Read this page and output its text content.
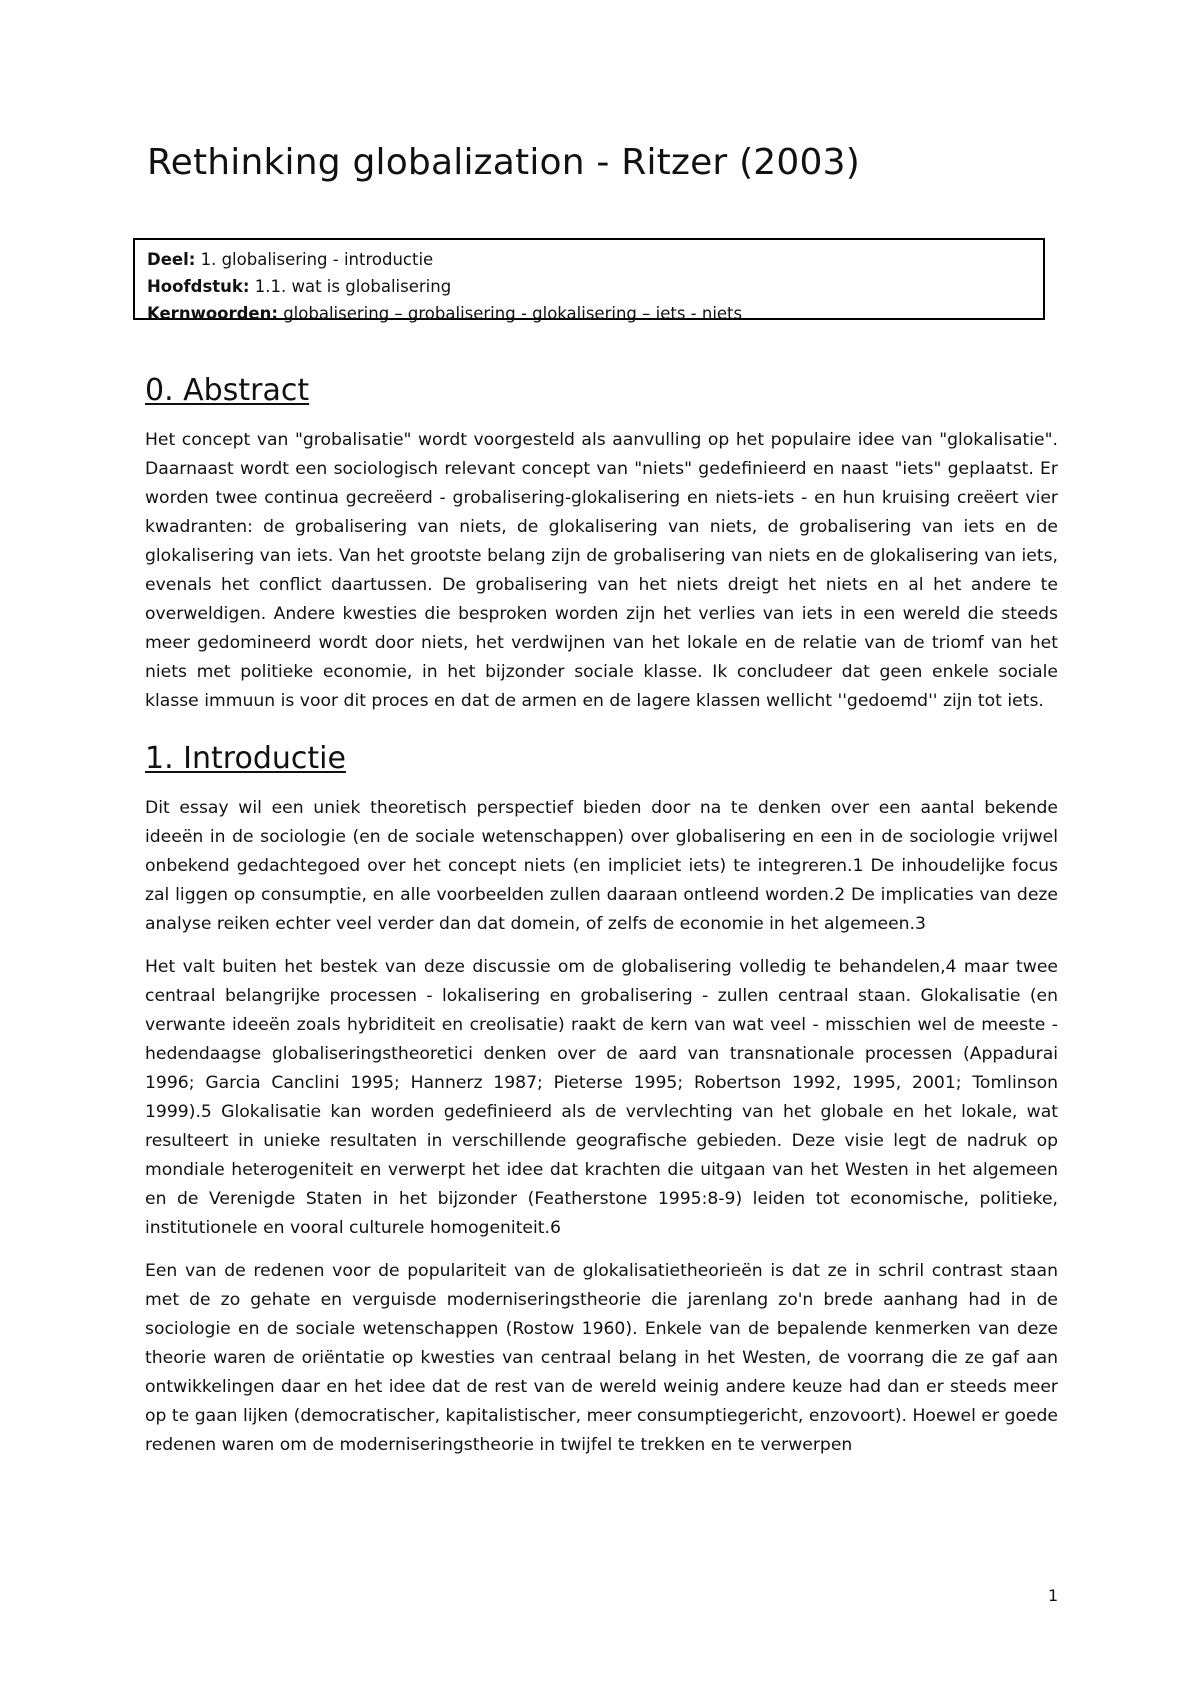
Rethinking globalization - Ritzer (2003)
Deel: 1. globalisering - introductie
Hoofdstuk: 1.1. wat is globalisering
Kernwoorden: globalisering – grobalisering - glokalisering – iets - niets
0. Abstract

Het concept van "grobalisatie" wordt voorgesteld als aanvulling op het populaire idee van "glokalisatie". Daarnaast wordt een sociologisch relevant concept van "niets" gedefinieerd en naast "iets" geplaatst. Er worden twee continua gecreëerd - grobalisering-glokalisering en niets-iets - en hun kruising creëert vier kwadranten: de grobalisering van niets, de glokalisering van niets, de grobalisering van iets en de glokalisering van iets. Van het grootste belang zijn de grobalisering van niets en de glokalisering van iets, evenals het conflict daartussen. De grobalisering van het niets dreigt het niets en al het andere te overweldigen. Andere kwesties die besproken worden zijn het verlies van iets in een wereld die steeds meer gedomineerd wordt door niets, het verdwijnen van het lokale en de relatie van de triomf van het niets met politieke economie, in het bijzonder sociale klasse. Ik concludeer dat geen enkele sociale klasse immuun is voor dit proces en dat de armen en de lagere klassen wellicht ''gedoemd'' zijn tot iets.

1. Introductie

Dit essay wil een uniek theoretisch perspectief bieden door na te denken over een aantal bekende ideeën in de sociologie (en de sociale wetenschappen) over globalisering en een in de sociologie vrijwel onbekend gedachtegoed over het concept niets (en impliciet iets) te integreren.1 De inhoudelijke focus zal liggen op consumptie, en alle voorbeelden zullen daaraan ontleend worden.2 De implicaties van deze analyse reiken echter veel verder dan dat domein, of zelfs de economie in het algemeen.3

Het valt buiten het bestek van deze discussie om de globalisering volledig te behandelen,4 maar twee centraal belangrijke processen - lokalisering en grobalisering - zullen centraal staan. Glokalisatie (en verwante ideeën zoals hybriditeit en creolisatie) raakt de kern van wat veel - misschien wel de meeste - hedendaagse globaliseringstheoretici denken over de aard van transnationale processen (Appadurai 1996; Garcia Canclini 1995; Hannerz 1987; Pieterse 1995; Robertson 1992, 1995, 2001; Tomlinson 1999).5 Glokalisatie kan worden gedefinieerd als de vervlechting van het globale en het lokale, wat resulteert in unieke resultaten in verschillende geografische gebieden. Deze visie legt de nadruk op mondiale heterogeniteit en verwerpt het idee dat krachten die uitgaan van het Westen in het algemeen en de Verenigde Staten in het bijzonder (Featherstone 1995:8-9) leiden tot economische, politieke, institutionele en vooral culturele homogeniteit.6

Een van de redenen voor de populariteit van de glokalisatietheorieën is dat ze in schril contrast staan met de zo gehate en verguisde moderniseringstheorie die jarenlang zo'n brede aanhang had in de sociologie en de sociale wetenschappen (Rostow 1960). Enkele van de bepalende kenmerken van deze theorie waren de oriëntatie op kwesties van centraal belang in het Westen, de voorrang die ze gaf aan ontwikkelingen daar en het idee dat de rest van de wereld weinig andere keuze had dan er steeds meer op te gaan lijken (democratischer, kapitalistischer, meer consumptiegericht, enzovoort). Hoewel er goede redenen waren om de moderniseringstheorie in twijfel te trekken en te verwerpen

1
